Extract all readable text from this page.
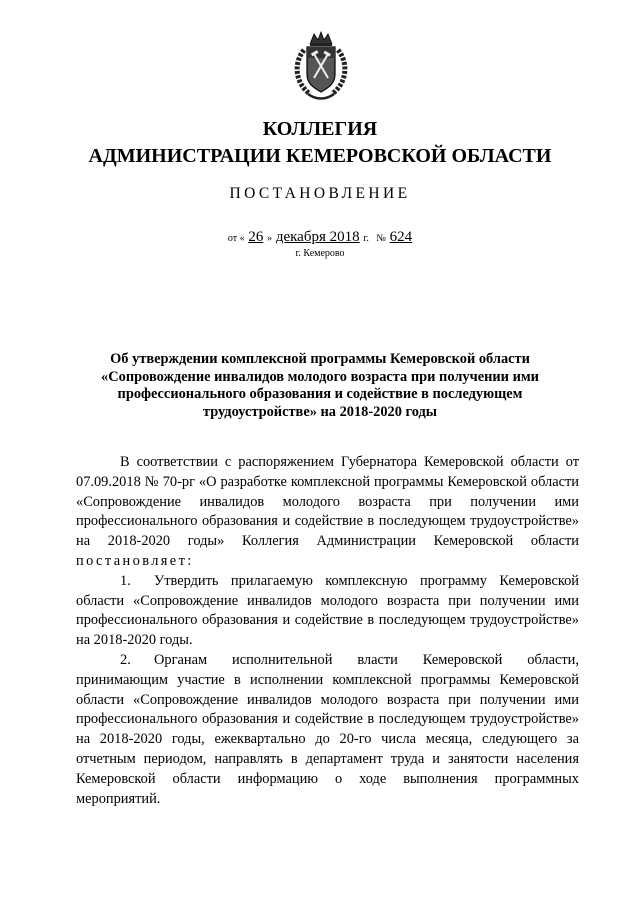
КОЛЛЕГИЯ
АДМИНИСТРАЦИИ КЕМЕРОВСКОЙ ОБЛАСТИ
ПОСТАНОВЛЕНИЕ
от « 26 » декабря 2018 г. № 624
г. Кемерово
Об утверждении комплексной программы Кемеровской области
«Сопровождение инвалидов молодого возраста при получении ими
профессионального образования и содействие в последующем
трудоустройстве» на 2018-2020 годы

В соответствии с распоряжением Губернатора Кемеровской области от 07.09.2018 № 70-рг «О разработке комплексной программы Кемеровской области «Сопровождение инвалидов молодого возраста при получении ими профессионального образования и содействие в последующем трудоустройстве» на 2018-2020 годы» Коллегия Администрации Кемеровской области постановляет:

1. Утвердить прилагаемую комплексную программу Кемеровской области «Сопровождение инвалидов молодого возраста при получении ими профессионального образования и содействие в последующем трудоустройстве» на 2018-2020 годы.

2. Органам исполнительной власти Кемеровской области, принимающим участие в исполнении комплексной программы Кемеровской области «Сопровождение инвалидов молодого возраста при получении ими профессионального образования и содействие в последующем трудоустройстве» на 2018-2020 годы, ежеквартально до 20-го числа месяца, следующего за отчетным периодом, направлять в департамент труда и занятости населения Кемеровской области информацию о ходе выполнения программных мероприятий.
